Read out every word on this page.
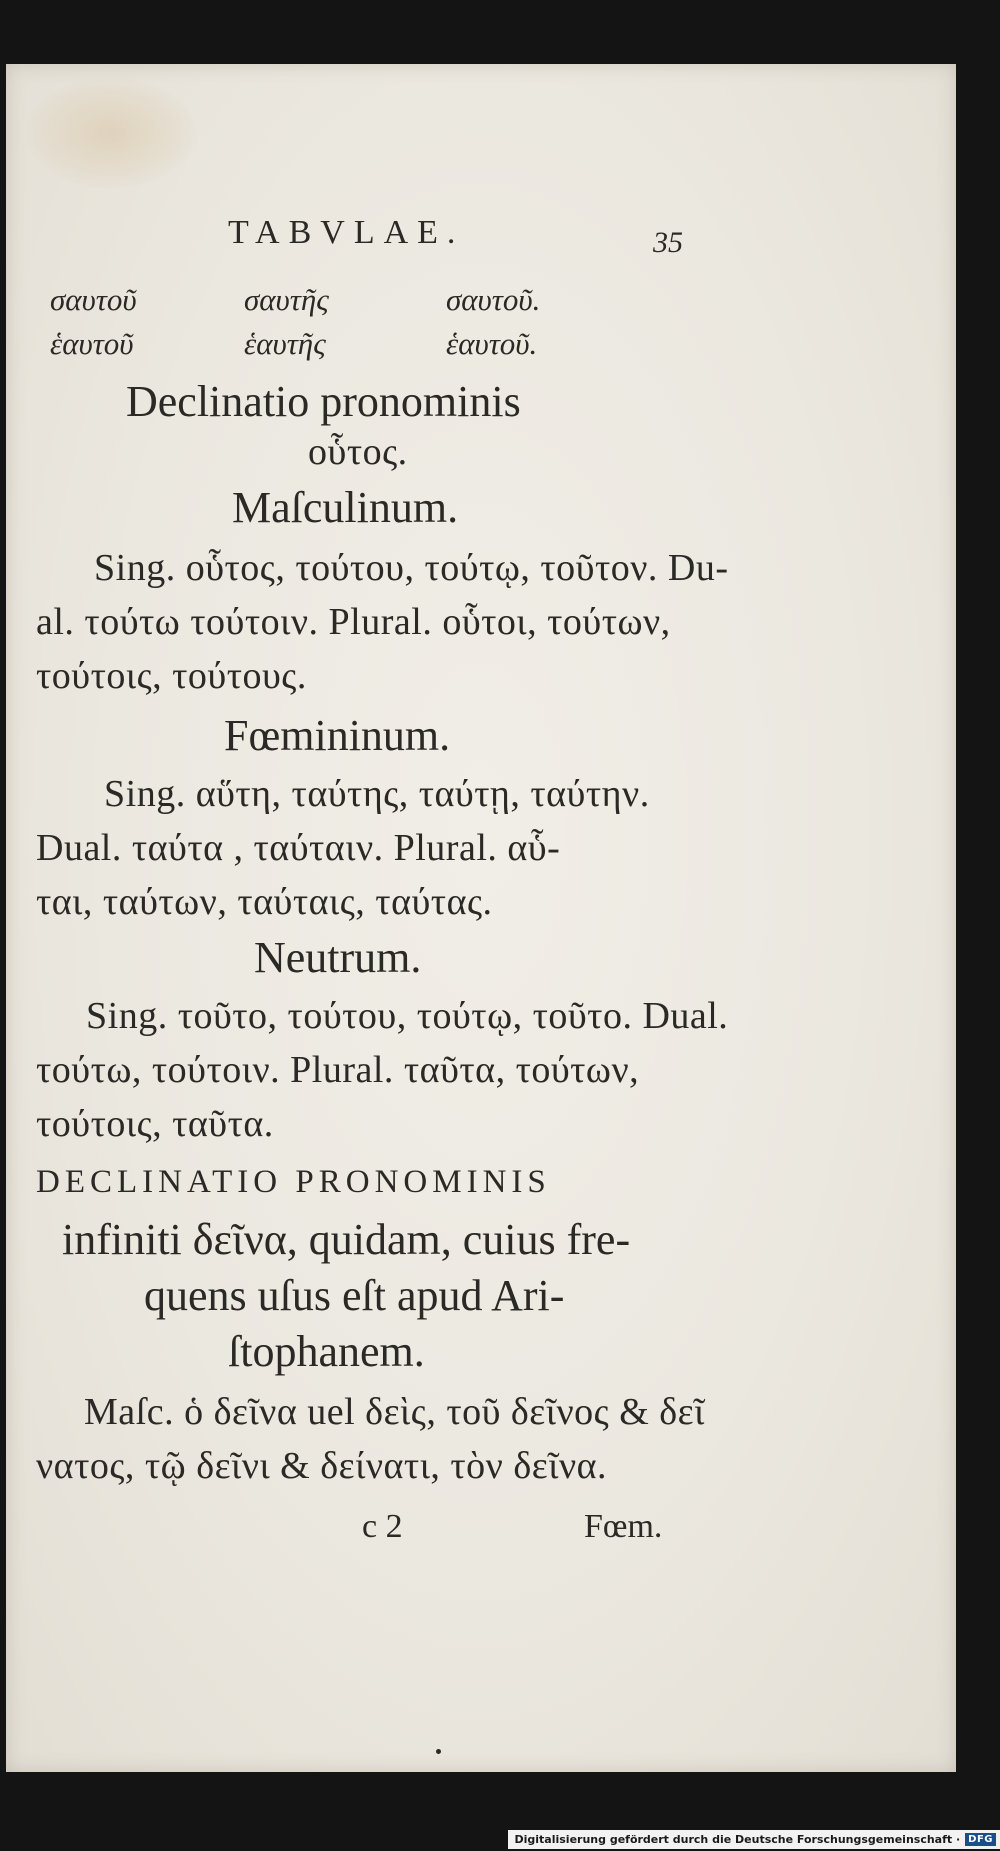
TABVLAE.	35
σαυτοῦ	σαυτῆς	σαυτοῦ.
ἑαυτοῦ	ἑαυτῆς	ἑαυτοῦ.
Declinatio pronominis
οὗτος.
Maſculinum.
Sing. οὗτος, τούτου, τούτῳ, τοῦτον. Du-
al. τούτω τούτοιν. Plural. οὗτοι, τούτων,
τούτοις, τούτους.
Fœmininum.
Sing. αὕτη, ταύτης, ταύτῃ, ταύτην.
Dual. ταύτα , ταύταιν. Plural. αὗ-
ται, ταύτων, ταύταις, ταύτας.
Neutrum.
Sing. τοῦτο, τούτου, τούτῳ, τοῦτο. Dual.
τούτω, τούτοιν. Plural. ταῦτα, τούτων,
τούτοις, ταῦτα.
DECLINATIO PRONOMINIS
infiniti δεῖνα, quidam, cuius fre-
quens uſus eſt apud Ari-
ſtophanem.
Maſc. ὁ δεῖνα uel δεὶς, τοῦ δεῖνος & δεῖ
νατος, τῷ δεῖνι & δείνατι, τὸν δεῖνα.
c 2	Fœm.
Digitalisierung gefördert durch die Deutsche Forschungsgemeinschaft · DFG
